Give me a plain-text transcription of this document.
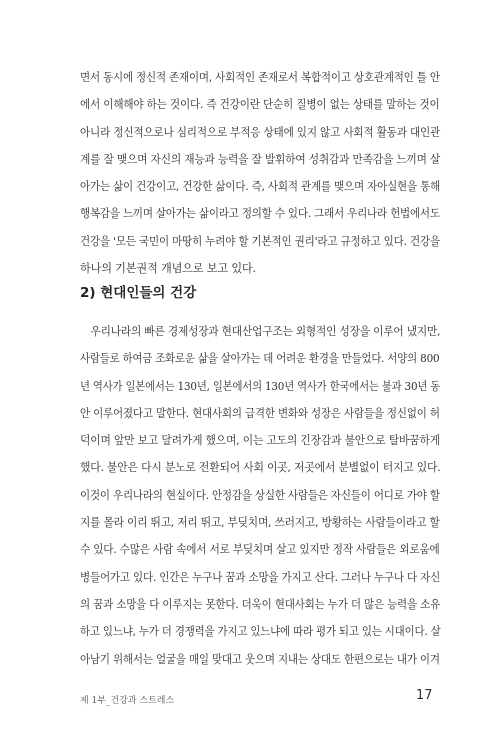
면서 동시에 정신적 존재이며, 사회적인 존재로서 복합적이고 상호관계적인 틀 안
에서 이해해야 하는 것이다. 즉 건강이란 단순히 질병이 없는 상태를 말하는 것이
아니라 정신적으로나 심리적으로 부적응 상태에 있지 않고 사회적 활동과 대인관
계를 잘 맺으며 자신의 재능과 능력을 잘 발휘하여 성취감과 만족감을 느끼며 살
아가는 삶이 건강이고, 건강한 삶이다. 즉, 사회적 관계를 맺으며 자아실현을 통해
행복감을 느끼며 살아가는 삶이라고 정의할 수 있다. 그래서 우리나라 헌법에서도
건강을 '모든 국민이 마땅히 누려야 할 기본적인 권리'라고 규정하고 있다. 건강을
하나의 기본권적 개념으로 보고 있다.
2) 현대인들의 건강
우리나라의 빠른 경제성장과 현대산업구조는 외형적인 성장을 이루어 냈지만,
사람들로 하여금 조화로운 삶을 살아가는 데 어려운 환경을 만들었다. 서양의 800
년 역사가 일본에서는 130년, 일본에서의 130년 역사가 한국에서는 불과 30년 동
안 이루어졌다고 말한다. 현대사회의 급격한 변화와 성장은 사람들을 정신없이 허
덕이며 앞만 보고 달려가게 했으며, 이는 고도의 긴장감과 불안으로 탈바꿈하게
했다. 불안은 다시 분노로 전환되어 사회 이곳, 저곳에서 분별없이 터지고 있다.
이것이 우리나라의 현실이다. 안정감을 상실한 사람들은 자신들이 어디로 가야 할
지를 몰라 이리 뛰고, 저리 뛰고, 부딪치며, 쓰러지고, 방황하는 사람들이라고 할
수 있다. 수많은 사람 속에서 서로 부딪치며 살고 있지만 정작 사람들은 외로움에
병들어가고 있다. 인간은 누구나 꿈과 소망을 가지고 산다. 그러나 누구나 다 자신
의 꿈과 소망을 다 이루지는 못한다. 더욱이 현대사회는 누가 더 많은 능력을 소유
하고 있느냐, 누가 더 경쟁력을 가지고 있느냐에 따라 평가 되고 있는 시대이다. 살
아남기 위해서는 얼굴을 매일 맞대고 웃으며 지내는 상대도 한편으로는 내가 이겨
제 1부_건강과 스트레스	17
